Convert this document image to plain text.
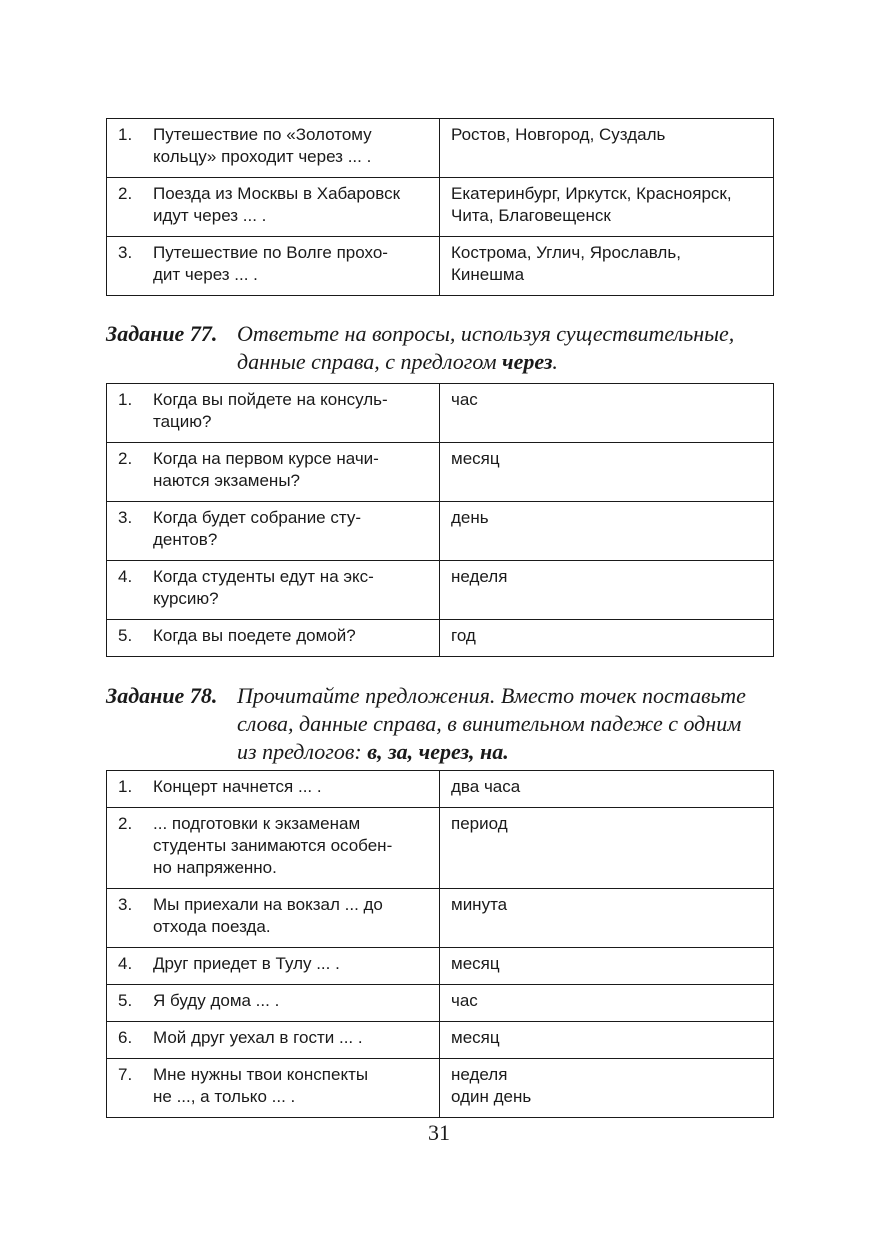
1. Путешествие по «Золотому
кольцу» проходит через ... .	Ростов, Новгород, Суздаль

2. Поезда из Москвы в Хабаровск
идут через ... .	Екатеринбург, Иркутск, Красноярск,
Чита, Благовещенск

3. Путешествие по Волге прохо-
дит через ... .	Кострома, Углич, Ярославль,
Кинешма
Задание 77. Ответьте на вопросы, используя существительные,
данные справа, с предлогом через.
1. Когда вы пойдете на консуль-
тацию?	час

2. Когда на первом курсе начи-
наются экзамены?	месяц

3. Когда будет собрание сту-
дентов?	день

4. Когда студенты едут на экс-
курсию?	неделя

5. Когда вы поедете домой?	год
Задание 78. Прочитайте предложения. Вместо точек поставьте
слова, данные справа, в винительном падеже с одним
из предлогов: в, за, через, на.
1. Концерт начнется ... .	два часа

2. ... подготовки к экзаменам
студенты занимаются особен-
но напряженно.	период

3. Мы приехали на вокзал ... до
отхода поезда.	минута

4. Друг приедет в Тулу ... .	месяц

5. Я буду дома ... .	час

6. Мой друг уехал в гости ... .	месяц

7. Мне нужны твои конспекты
не ..., а только ... .	неделя
один день
31
